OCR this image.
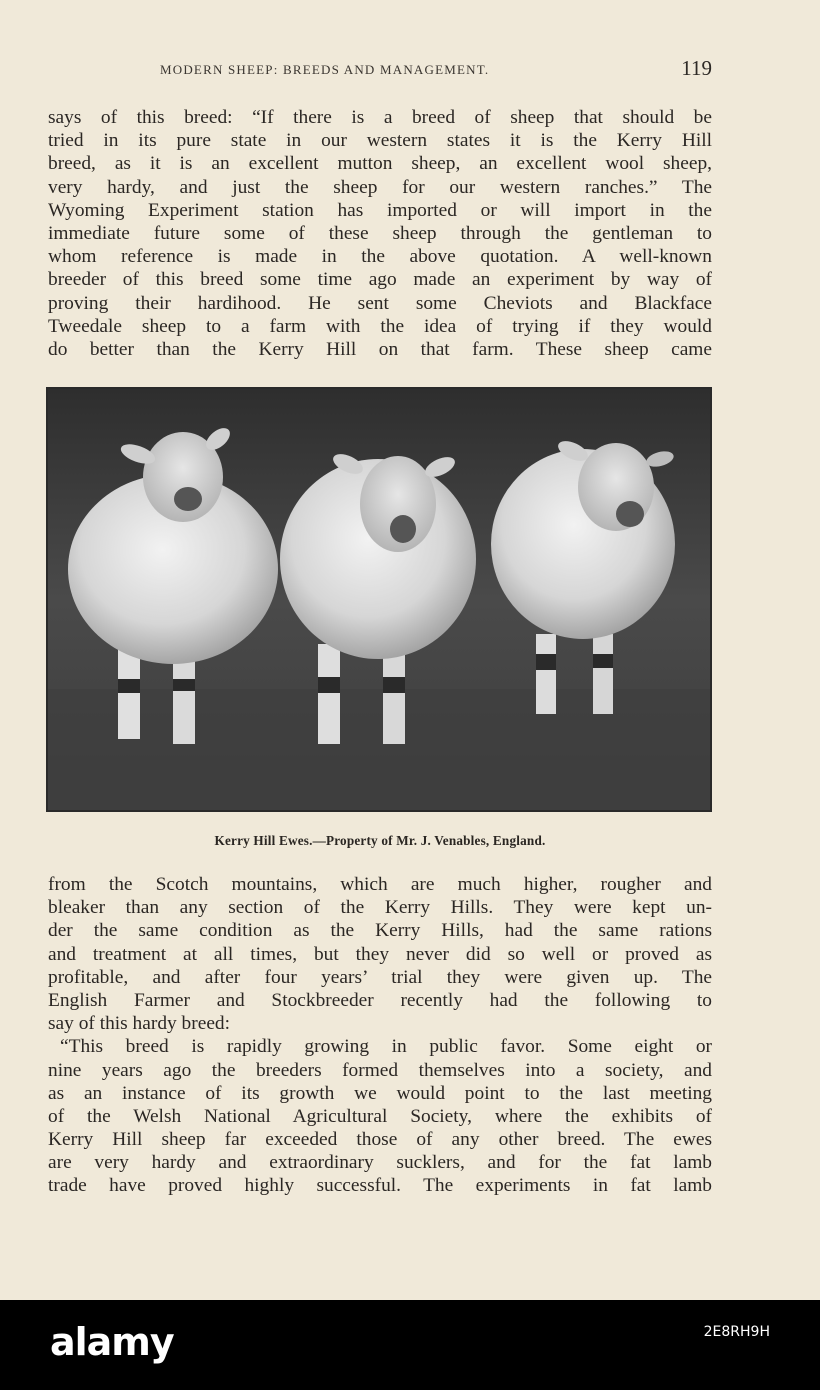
MODERN SHEEP: BREEDS AND MANAGEMENT.	119
says of this breed: “If there is a breed of sheep that should be
tried in its pure state in our western states it is the Kerry Hill
breed, as it is an excellent mutton sheep, an excellent wool sheep,
very hardy, and just the sheep for our western ranches.” The
Wyoming Experiment station has imported or will import in the
immediate future some of these sheep through the gentleman to
whom reference is made in the above quotation. A well-known
breeder of this breed some time ago made an experiment by way of
proving their hardihood. He sent some Cheviots and Blackface
Tweedale sheep to a farm with the idea of trying if they would
do better than the Kerry Hill on that farm. These sheep came
Kerry Hill Ewes.—Property of Mr. J. Venables, England.
from the Scotch mountains, which are much higher, rougher and
bleaker than any section of the Kerry Hills. They were kept un-
der the same condition as the Kerry Hills, had the same rations
and treatment at all times, but they never did so well or proved as
profitable, and after four years’ trial they were given up. The
English Farmer and Stockbreeder recently had the following to
say of this hardy breed:
“This breed is rapidly growing in public favor. Some eight or
nine years ago the breeders formed themselves into a society, and
as an instance of its growth we would point to the last meeting
of the Welsh National Agricultural Society, where the exhibits of
Kerry Hill sheep far exceeded those of any other breed. The ewes
are very hardy and extraordinary sucklers, and for the fat lamb
trade have proved highly successful. The experiments in fat lamb
alamy	2E8RH9H
